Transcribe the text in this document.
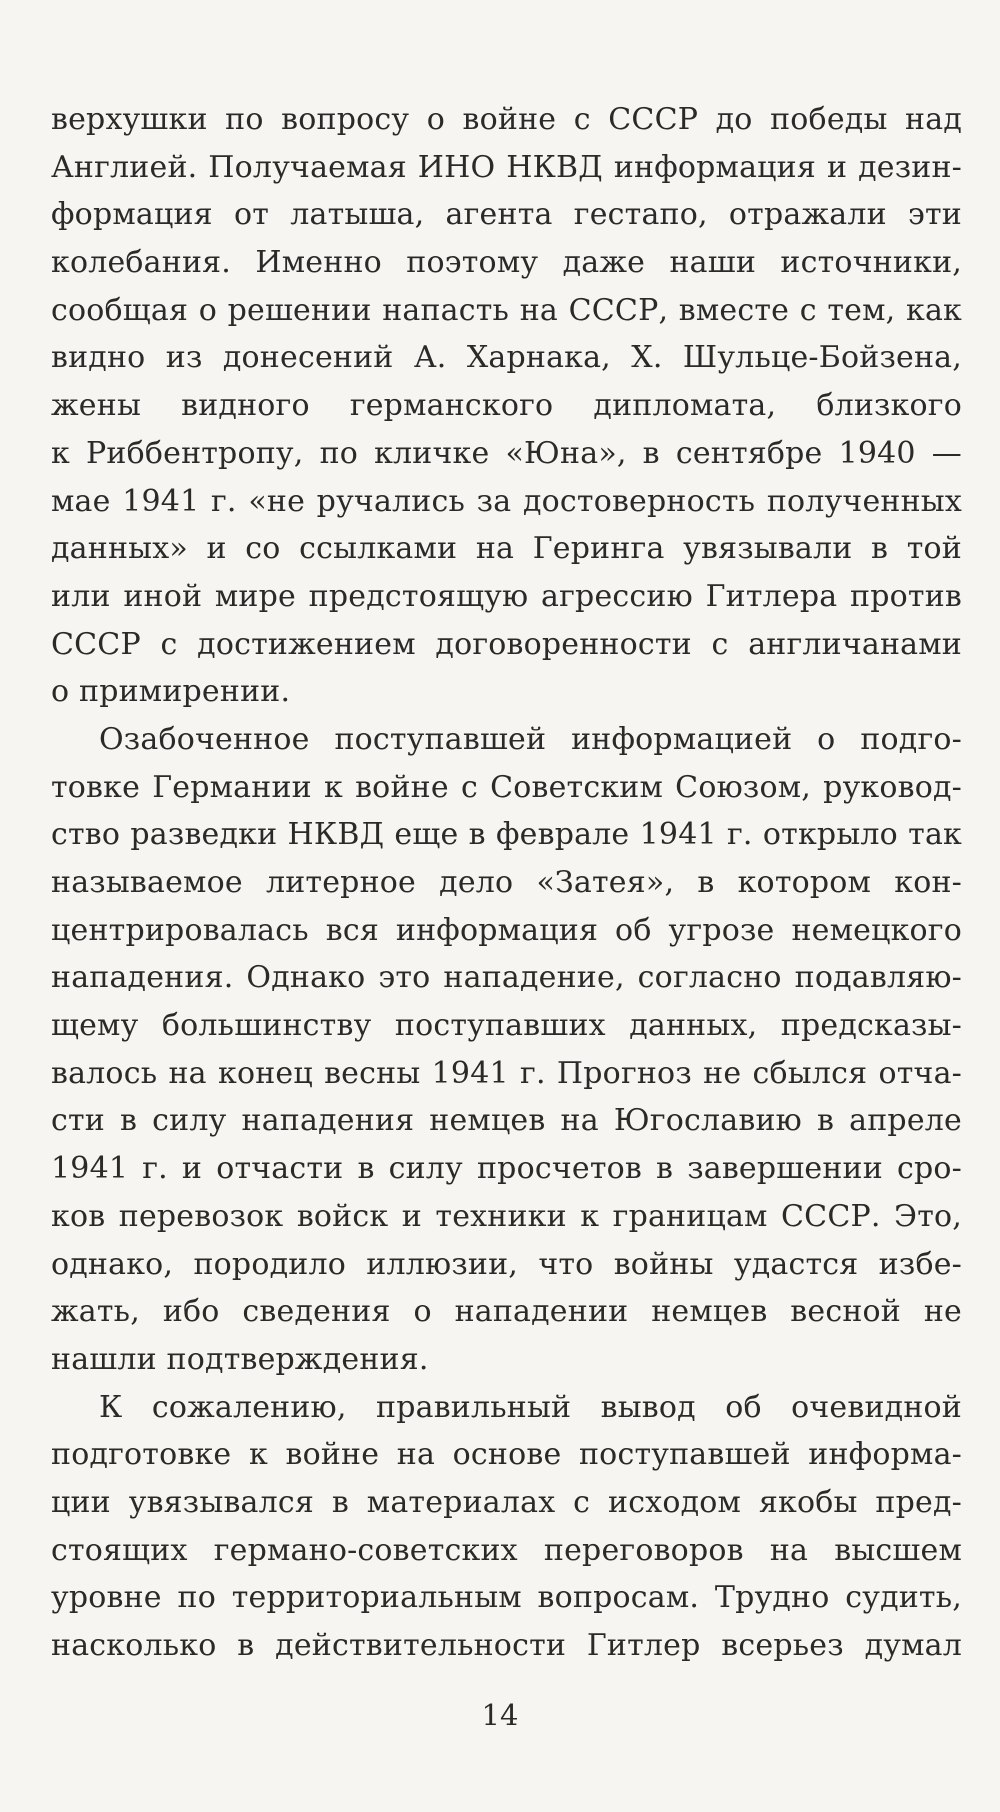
верхушки по вопросу о войне с СССР до победы над
Англией. Получаемая ИНО НКВД информация и дезин-
формация от латыша, агента гестапо, отражали эти
колебания. Именно поэтому даже наши источники,
сообщая о решении напасть на СССР, вместе с тем, как
видно из донесений А. Харнака, Х. Шульце-Бойзена,
жены видного германского дипломата, близкого
к Риббентропу, по кличке «Юна», в сентябре 1940 —
мае 1941 г. «не ручались за достоверность полученных
данных» и со ссылками на Геринга увязывали в той
или иной мире предстоящую агрессию Гитлера против
СССР с достижением договоренности с англичанами
о примирении.
Озабоченное поступавшей информацией о подго-
товке Германии к войне с Советским Союзом, руковод-
ство разведки НКВД еще в феврале 1941 г. открыло так
называемое литерное дело «Затея», в котором кон-
центрировалась вся информация об угрозе немецкого
нападения. Однако это нападение, согласно подавляю-
щему большинству поступавших данных, предсказы-
валось на конец весны 1941 г. Прогноз не сбылся отча-
сти в силу нападения немцев на Югославию в апреле
1941 г. и отчасти в силу просчетов в завершении сро-
ков перевозок войск и техники к границам СССР. Это,
однако, породило иллюзии, что войны удастся избе-
жать, ибо сведения о нападении немцев весной не
нашли подтверждения.
К сожалению, правильный вывод об очевидной
подготовке к войне на основе поступавшей информа-
ции увязывался в материалах с исходом якобы пред-
стоящих германо-советских переговоров на высшем
уровне по территориальным вопросам. Трудно судить,
насколько в действительности Гитлер всерьез думал
14
